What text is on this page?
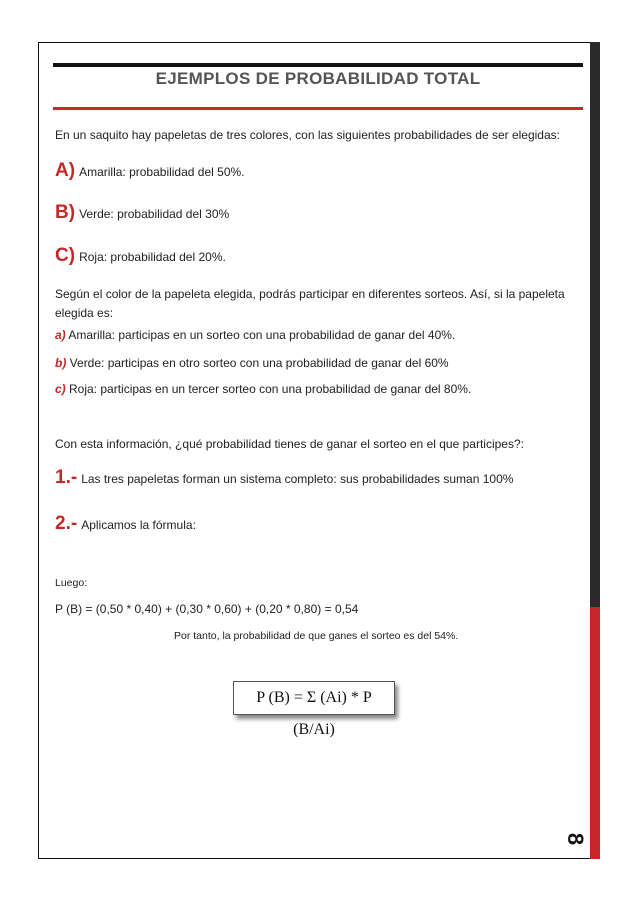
EJEMPLOS DE PROBABILIDAD TOTAL
En un saquito hay papeletas de tres colores, con las siguientes probabilidades de ser elegidas:
A) Amarilla: probabilidad del 50%.
B) Verde: probabilidad del 30%
C) Roja: probabilidad del 20%.
Según el color de la papeleta elegida, podrás participar en diferentes sorteos. Así, si la papeleta
elegida es:
a) Amarilla: participas en un sorteo con una probabilidad de ganar del 40%.
b) Verde: participas en otro sorteo con una probabilidad de ganar del 60%
c) Roja: participas en un tercer sorteo con una probabilidad de ganar del 80%.
Con esta información, ¿qué probabilidad tienes de ganar el sorteo en el que participes?:
1.- Las tres papeletas forman un sistema completo: sus probabilidades suman 100%
2.- Aplicamos la fórmula:
Luego:
P (B) = (0,50 * 0,40) + (0,30 * 0,60) + (0,20 * 0,80) = 0,54
Por tanto, la probabilidad de que ganes el sorteo es del 54%.
P (B) = Σ (Ai) * P (B/Ai)
8
